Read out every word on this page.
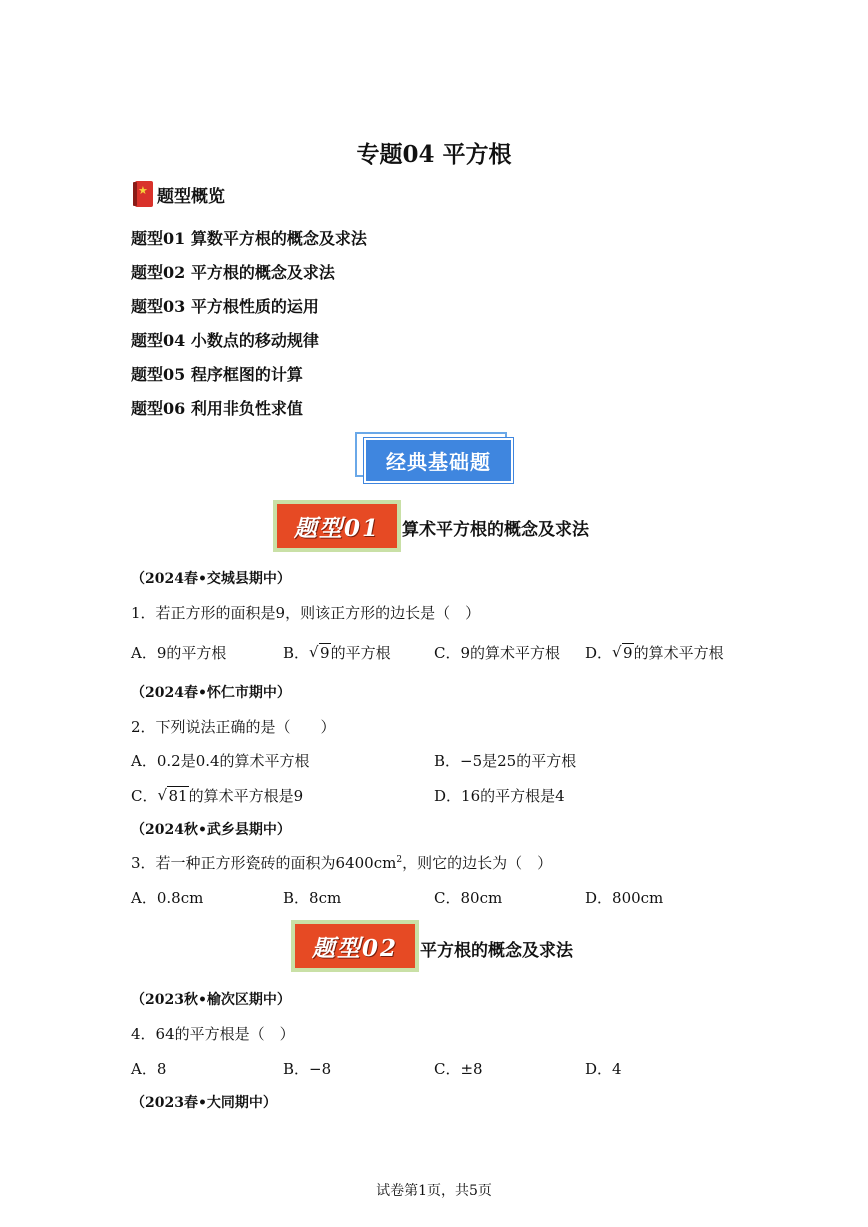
专题04 平方根
★ 题型概览
题型01 算数平方根的概念及求法
题型02 平方根的概念及求法
题型03 平方根性质的运用
题型04 小数点的移动规律
题型05 程序框图的计算
题型06 利用非负性求值
经典基础题
题型01	算术平方根的概念及求法
（2024春•交城县期中）
1．若正方形的面积是9，则该正方形的边长是（　）
A．9的平方根	B． √ 9的平方根	C．9的算术平方根 D． √ 9的算术平方根
（2024春•怀仁市期中）
2．下列说法正确的是（　　）
A．0.2是0.4的算术平方根	B．−5是25的平方根
C． √ 81的算术平方根是9	D．16的平方根是4
（2024秋•武乡县期中）
3．若一种正方形瓷砖的面积为$6400cm^2$，则它的边长为（　）
A．0.8cm	B．8cm	C．80cm	D．800cm
题型02	平方根的概念及求法
（2023秋•榆次区期中）
4．64的平方根是（　）
A．8	B．−8	C．±8	D．4
（2023春•大同期中）
试卷第1页，共5页
